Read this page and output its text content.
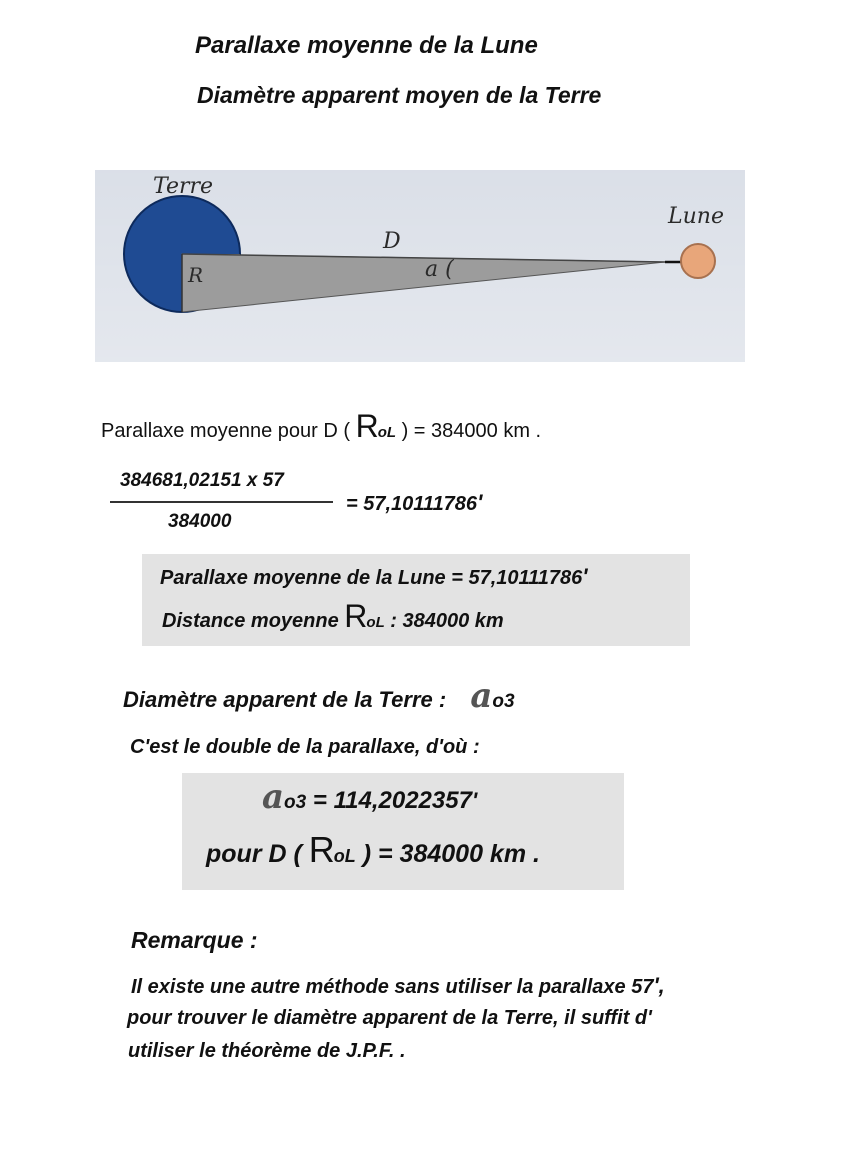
Parallaxe moyenne de la Lune
Diamètre apparent moyen de la Terre
Terre
Lune
D
R	a (
Parallaxe moyenne pour D ( RoL ) = 384000 km .
384681,02151 x 57
384000
= 57,10111786'
Parallaxe moyenne de la Lune = 57,10111786'
Distance moyenne RoL : 384000 km
Diamètre apparent de la Terre : ao3
C'est le double de la parallaxe, d'où :
ao3 = 114,2022357'
pour D ( RoL ) = 384000 km .
Remarque :
Il existe une autre méthode sans utiliser la parallaxe 57',
pour trouver le diamètre apparent de la Terre, il suffit d'
utiliser le théorème de J.P.F. .
